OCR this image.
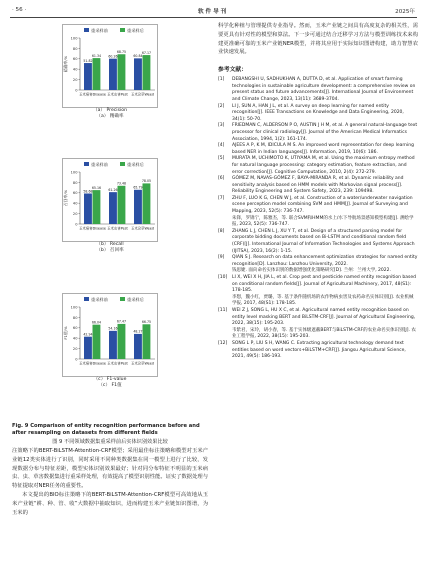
· 56 ·	软 件 导 刊	2025年

科学化种植与管理提供专业指导。然而，玉米产业链之间具有高度复杂的相关性，需要更具有针对性的模型和算法。下一步可通过结合迁移学习方法与模型训练技术来构建更准确可靠的玉米产业链NER模型，并将其应用于实际知识图谱构建，助力智慧农业快速发展。

参考文献：
[1] DEBANGSHI U, SADHUKHAN A, DUTTA D, et al. Application of smart farming technologies in sustainable agriculture development: a comprehensive review on present status and future advancements[J]. International Journal of Environment and Climate Change, 2023, 13(11): 3689-3704.
[2] LI J, SUN A, HAN J L, et al. A survey on deep learning for named entity recognition[J]. IEEE Transactions on Knowledge and Data Engineering, 2020, 34(1): 50-70.
[3] FRIEDMAN C, ALDERSON P O, AUSTIN J H M, et al. A general natural-language text processor for clinical radiology[J]. Journal of the American Medical Informatics Association, 1994, 1(2): 161-174.
[4] AJEES A P, K M, IDICULA M S. An improved word representation for deep learning based NER in Indian languages[J]. Information, 2019, 10(6): 186.
[5] MURATA M, UCHIMOTO K, UTIYAMA M, et al. Using the maximum entropy method for natural language processing: category estimation, feature extraction, and error correction[J]. Cognitive Computation, 2010, 2(4): 272-279.
[6] GÓMEZ M, NAVAS-GÓMEZ F, BAYA-MIRANDA R, et al. Dynamic reliability and sensitivity analysis based on HMM models with Markovian signal process[J]. Reliability Engineering and System Safety, 2023, 239: 109498.
[7] ZHU F, LUO K G, CHEN W J, et al. Construction of a water/underwater navigation scene perception model combining SVM and HMM[J]. Journal of Surveying and Mapping, 2023, 52(5): 736-747.
朱锋，罗锦宁，陈雅杰，等. 联合SVM和HMM的水上/水下导航场景感知模型构建[J]. 测绘学报, 2023, 52(5): 736-747.
[8] ZHANG L J, CHEN L J, XU Y T, et al. Design of a structured parsing model for corporate bidding documents based on Bi-LSTM and conditional random field (CRF)[J]. International Journal of Information Technologies and Systems Approach (IJITSA), 2023, 16(2): 1-15.
[9] QIAN S J. Research on data enhancement optimization strategies for named entity recognition[D]. Lanzhou: Lanzhou University, 2022.
钱思婕. 面向命名实体识别的数据增强优化策略研究[D]. 兰州：兰州大学, 2022.
[10] LI X, WEI X H, JIA L, et al. Crop pest and pesticide named entity recognition based on conditional random fields[J]. Journal of Agricultural Machinery, 2017, 48(S1): 178-185.
李想，魏小红，贾璐，等. 基于条件随机场的农作物病虫害及农药命名实体识别[J]. 农业机械学报, 2017, 48(S1): 178-185.
[11] WEI Z J, SONG L, HU X C, et al. Agricultural named entity recognition based on entity level masking BERT and BiLSTM-CRF[J]. Journal of Agricultural Engineering, 2022, 38(15): 195-203.
韦紫君，宋玲，胡小春，等. 基于实体级遮蔽BERT与BiLSTM-CRF的农业命名实体识别[J]. 农业工程学报, 2022, 38(15): 195-203.
[12] SONG L P, LIU S H, WANG C. Extracting agricultural technology demand text entities based on word vectors+BiLSTM+CRF[J]. Jiangsu Agricultural Science, 2021, 49(5): 186-193.
重采样前	重采样后
0
20
40
60
80
100
精确率/%	51.82
61.34
玉米病害Disease
60.26
68.75
玉米虫害Pest
60.84
67.17
玉米杂草Weed
（a） Precision
（a） 精确率
重采样前	重采样后
0
20
40
60
80
100
召回率/%	58.68
65.16
玉米病害Disease
61.26
73.48
玉米虫害Pest
65.79
78.05
玉米杂草Weed
（b） Recall
（b） 召回率
重采样前	重采样后
0
20
40
60
80
100
F1值/%	42.94
66.04
玉米病害Disease
54.16
67.47
玉米虫害Pest
48.27
66.75
玉米杂草Weed
（c） F1-value
（c） F1值
Fig. 9 Comparison of entity recognition performance before and after resampling on datasets from different fields
图 9 不同领域数据集重采样前后实体识别效果比较

注策略下的BERT-BiLSTM-Attention-CRF模型；采用最佳标注策略和模型对玉米产业链12类实体进行了识别，同时采用不同种类数据集在同一模型上进行了比较，发现数据分布与特征差距，模型实体识别效果最好；针对同分布特征不明显的玉米病虫、虫、草害数据集进行重采样处理，有效提高了模型识别性能。证实了数据处理与特征提取对NER任务的重要性。
本文提出的BIO标注策略下的BERT-BiLSTM-Attention-CRF模型可高效地从玉米产业链“耕、种、管、收”大数据中抽取知识，进而构建玉米产业链知识图谱，为玉米的
